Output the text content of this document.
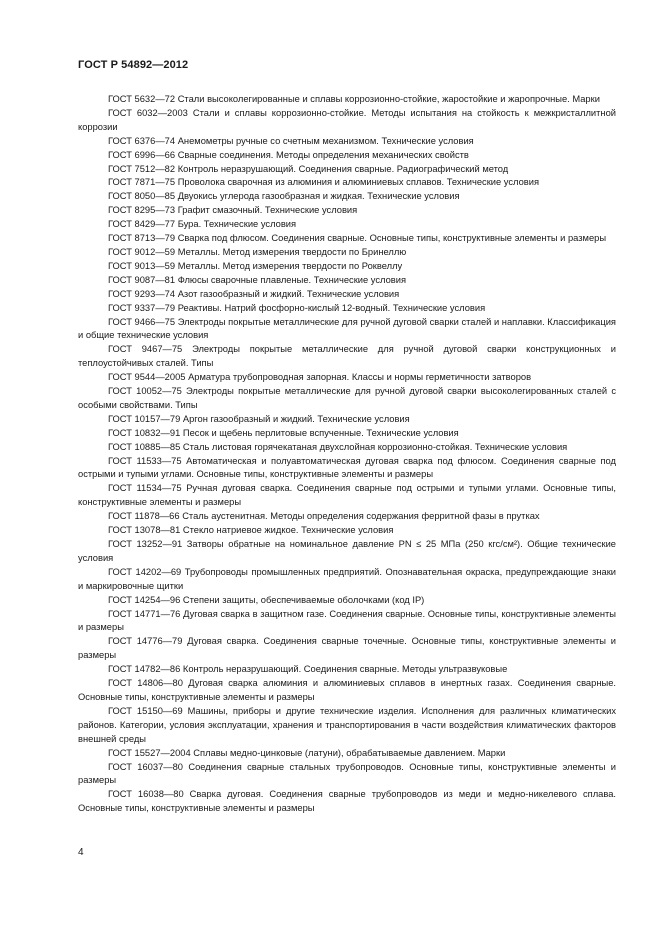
ГОСТ Р 54892—2012

ГОСТ 5632—72 Стали высоколегированные и сплавы коррозионно-стойкие, жаростойкие и жаропрочные. Марки

ГОСТ 6032—2003 Стали и сплавы коррозионно-стойкие. Методы испытания на стойкость к межкристаллитной коррозии

ГОСТ 6376—74 Анемометры ручные со счетным механизмом. Технические условия

ГОСТ 6996—66 Сварные соединения. Методы определения механических свойств

ГОСТ 7512—82 Контроль неразрушающий. Соединения сварные. Радиографический метод

ГОСТ 7871—75 Проволока сварочная из алюминия и алюминиевых сплавов. Технические условия

ГОСТ 8050—85 Двуокись углерода газообразная и жидкая. Технические условия

ГОСТ 8295—73 Графит смазочный. Технические условия

ГОСТ 8429—77 Бура. Технические условия

ГОСТ 8713—79 Сварка под флюсом. Соединения сварные. Основные типы, конструктивные элементы и размеры

ГОСТ 9012—59 Металлы. Метод измерения твердости по Бринеллю

ГОСТ 9013—59 Металлы. Метод измерения твердости по Роквеллу

ГОСТ 9087—81 Флюсы сварочные плавленые. Технические условия

ГОСТ 9293—74 Азот газообразный и жидкий. Технические условия

ГОСТ 9337—79 Реактивы. Натрий фосфорно-кислый 12-водный. Технические условия

ГОСТ 9466—75 Электроды покрытые металлические для ручной дуговой сварки сталей и наплавки. Классификация и общие технические условия

ГОСТ 9467—75 Электроды покрытые металлические для ручной дуговой сварки конструкционных и теплоустойчивых сталей. Типы

ГОСТ 9544—2005 Арматура трубопроводная запорная. Классы и нормы герметичности затворов

ГОСТ 10052—75 Электроды покрытые металлические для ручной дуговой сварки высоколегированных сталей с особыми свойствами. Типы

ГОСТ 10157—79 Аргон газообразный и жидкий. Технические условия

ГОСТ 10832—91 Песок и щебень перлитовые вспученные. Технические условия

ГОСТ 10885—85 Сталь листовая горячекатаная двухслойная коррозионно-стойкая. Технические условия

ГОСТ 11533—75 Автоматическая и полуавтоматическая дуговая сварка под флюсом. Соединения сварные под острыми и тупыми углами. Основные типы, конструктивные элементы и размеры

ГОСТ 11534—75 Ручная дуговая сварка. Соединения сварные под острыми и тупыми углами. Основные типы, конструктивные элементы и размеры

ГОСТ 11878—66 Сталь аустенитная. Методы определения содержания ферритной фазы в прутках

ГОСТ 13078—81 Стекло натриевое жидкое. Технические условия

ГОСТ 13252—91 Затворы обратные на номинальное давление PN ≤ 25 МПа (250 кгс/см²). Общие технические условия

ГОСТ 14202—69 Трубопроводы промышленных предприятий. Опознавательная окраска, предупреждающие знаки и маркировочные щитки

ГОСТ 14254—96 Степени защиты, обеспечиваемые оболочками (код IP)

ГОСТ 14771—76 Дуговая сварка в защитном газе. Соединения сварные. Основные типы, конструктивные элементы и размеры

ГОСТ 14776—79 Дуговая сварка. Соединения сварные точечные. Основные типы, конструктивные элементы и размеры

ГОСТ 14782—86 Контроль неразрушающий. Соединения сварные. Методы ультразвуковые

ГОСТ 14806—80 Дуговая сварка алюминия и алюминиевых сплавов в инертных газах. Соединения сварные. Основные типы, конструктивные элементы и размеры

ГОСТ 15150—69 Машины, приборы и другие технические изделия. Исполнения для различных климатических районов. Категории, условия эксплуатации, хранения и транспортирования в части воздействия климатических факторов внешней среды

ГОСТ 15527—2004 Сплавы медно-цинковые (латуни), обрабатываемые давлением. Марки

ГОСТ 16037—80 Соединения сварные стальных трубопроводов. Основные типы, конструктивные элементы и размеры

ГОСТ 16038—80 Сварка дуговая. Соединения сварные трубопроводов из меди и медно-никелевого сплава. Основные типы, конструктивные элементы и размеры

4
